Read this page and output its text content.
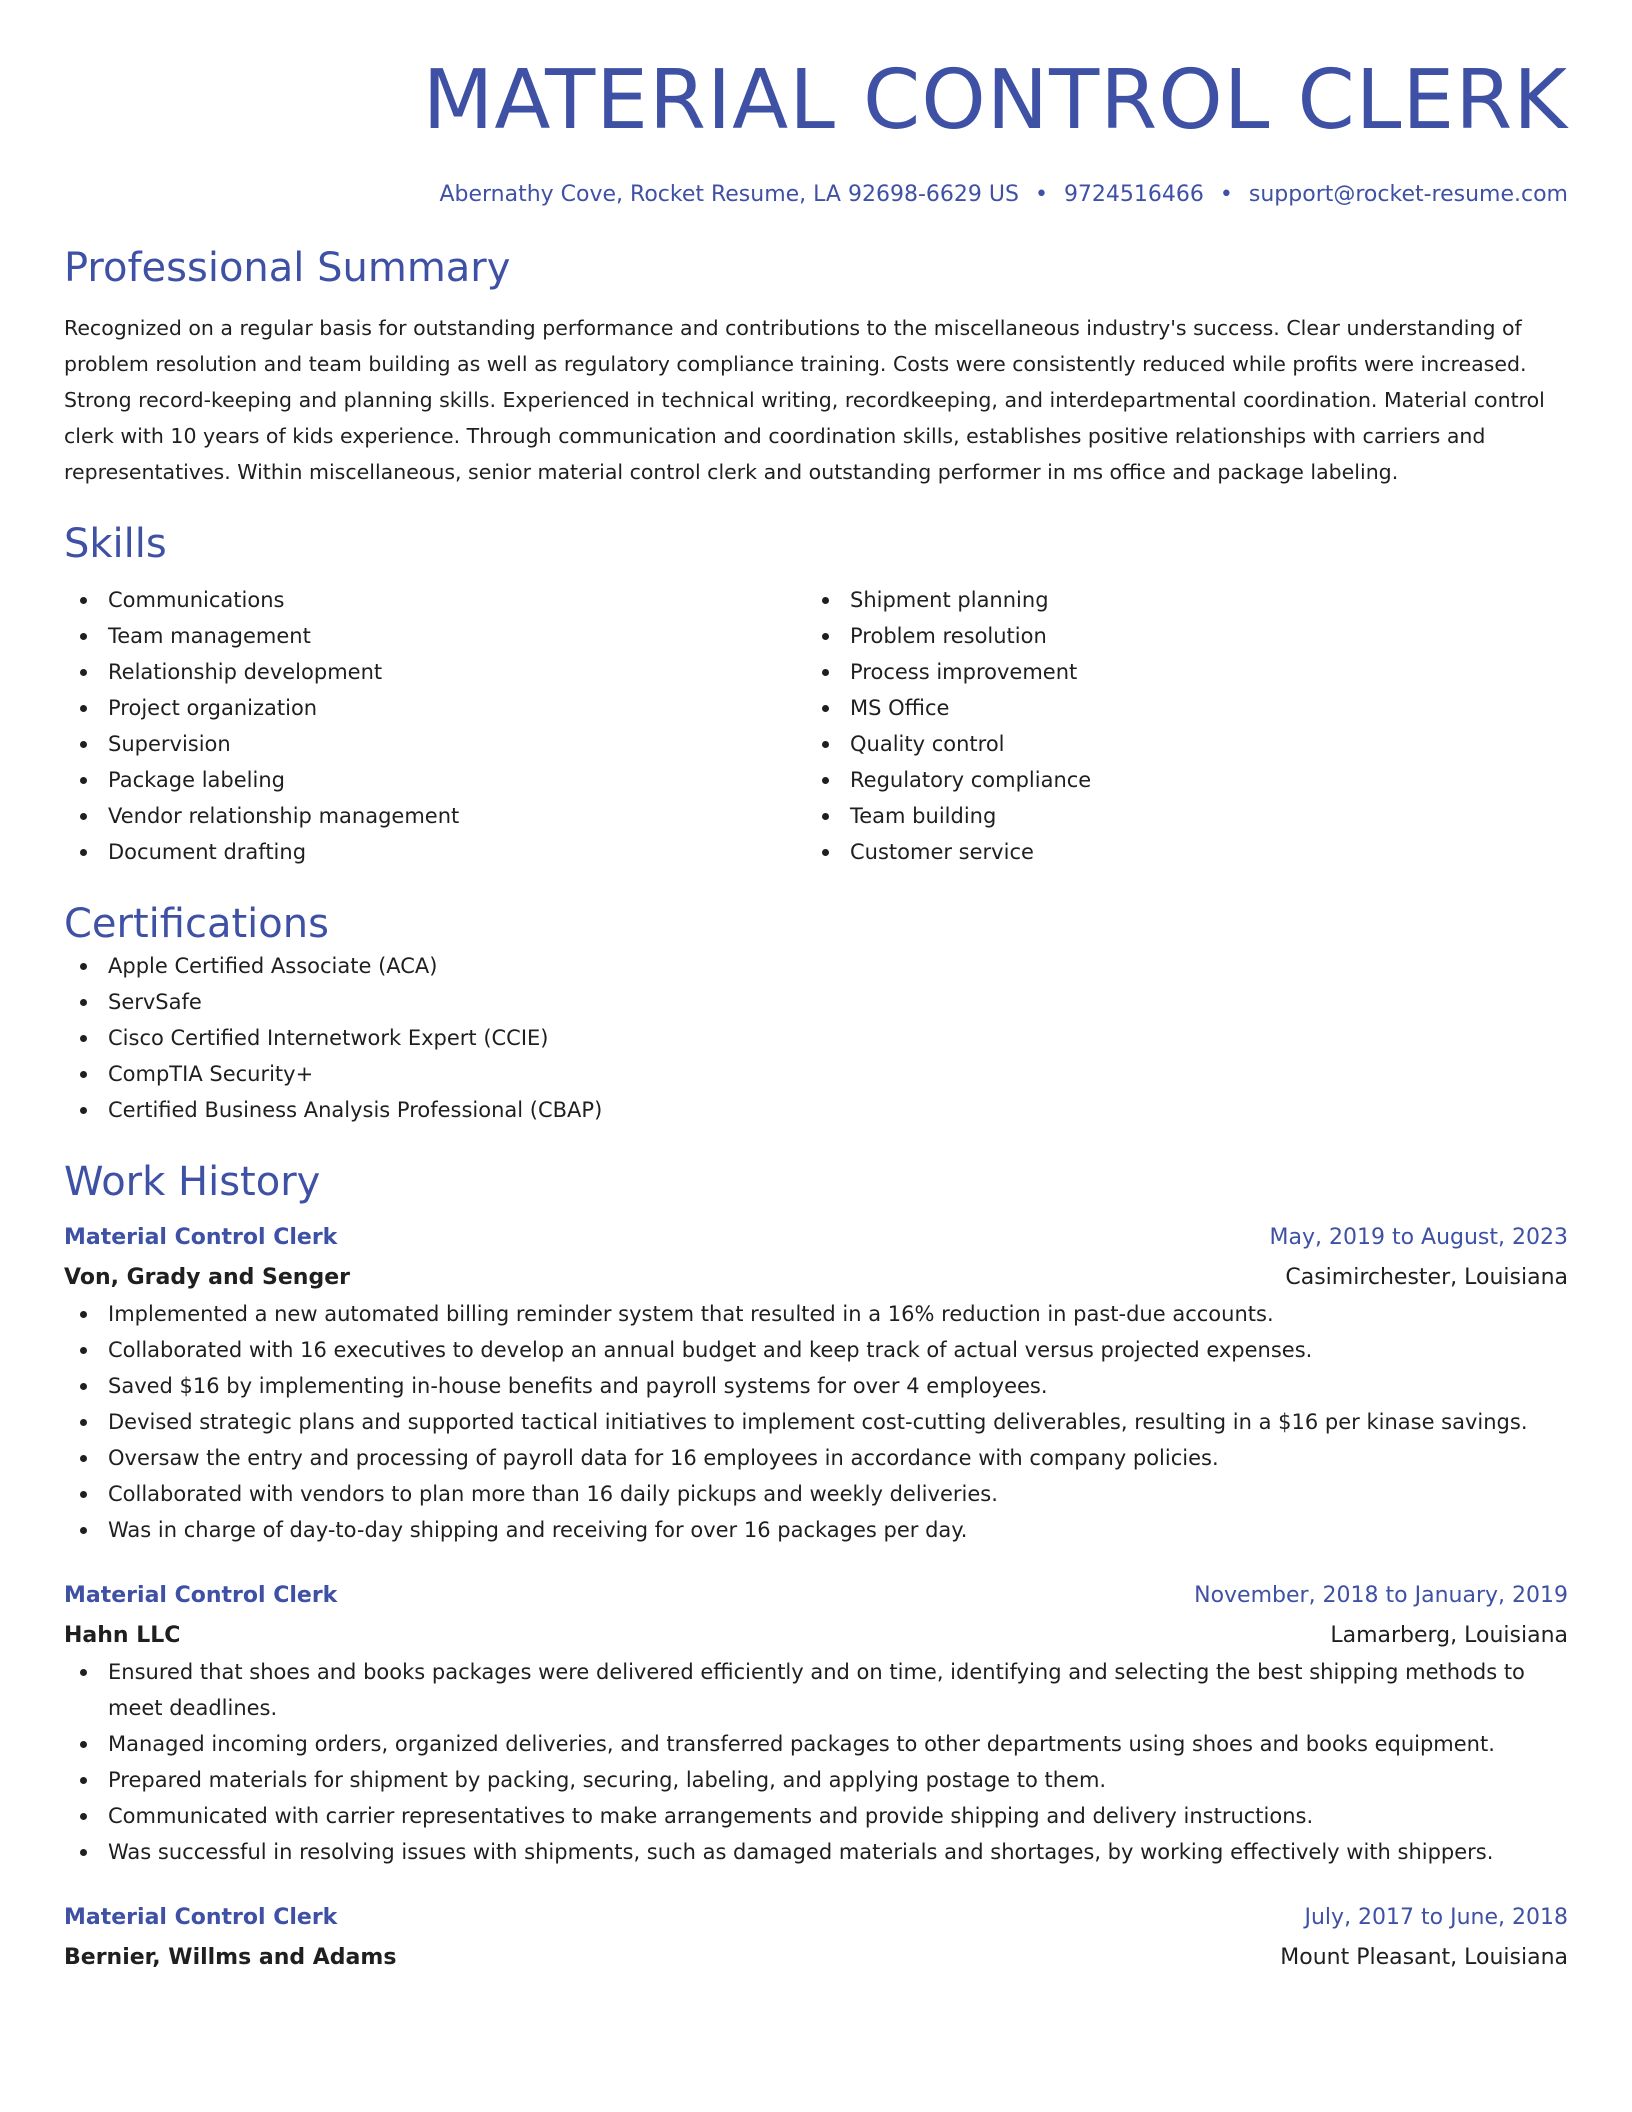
MATERIAL CONTROL CLERK
Abernathy Cove, Rocket Resume, LA 92698-6629 US • 9724516466 • support@rocket-resume.com
Professional Summary
Recognized on a regular basis for outstanding performance and contributions to the miscellaneous industry's success. Clear understanding of problem resolution and team building as well as regulatory compliance training. Costs were consistently reduced while profits were increased. Strong record-keeping and planning skills. Experienced in technical writing, recordkeeping, and interdepartmental coordination. Material control clerk with 10 years of kids experience. Through communication and coordination skills, establishes positive relationships with carriers and representatives. Within miscellaneous, senior material control clerk and outstanding performer in ms office and package labeling.
Skills
Communications
Team management
Relationship development
Project organization
Supervision
Package labeling
Vendor relationship management
Document drafting
Shipment planning
Problem resolution
Process improvement
MS Office
Quality control
Regulatory compliance
Team building
Customer service
Certifications
Apple Certified Associate (ACA)
ServSafe
Cisco Certified Internetwork Expert (CCIE)
CompTIA Security+
Certified Business Analysis Professional (CBAP)
Work History
Material Control Clerk	May, 2019 to August, 2023
Von, Grady and Senger	Casimirchester, Louisiana
Implemented a new automated billing reminder system that resulted in a 16% reduction in past-due accounts.
Collaborated with 16 executives to develop an annual budget and keep track of actual versus projected expenses.
Saved $16 by implementing in-house benefits and payroll systems for over 4 employees.
Devised strategic plans and supported tactical initiatives to implement cost-cutting deliverables, resulting in a $16 per kinase savings.
Oversaw the entry and processing of payroll data for 16 employees in accordance with company policies.
Collaborated with vendors to plan more than 16 daily pickups and weekly deliveries.
Was in charge of day-to-day shipping and receiving for over 16 packages per day.
Material Control Clerk	November, 2018 to January, 2019
Hahn LLC	Lamarberg, Louisiana
Ensured that shoes and books packages were delivered efficiently and on time, identifying and selecting the best shipping methods to meet deadlines.
Managed incoming orders, organized deliveries, and transferred packages to other departments using shoes and books equipment.
Prepared materials for shipment by packing, securing, labeling, and applying postage to them.
Communicated with carrier representatives to make arrangements and provide shipping and delivery instructions.
Was successful in resolving issues with shipments, such as damaged materials and shortages, by working effectively with shippers.
Material Control Clerk	July, 2017 to June, 2018
Bernier, Willms and Adams	Mount Pleasant, Louisiana
